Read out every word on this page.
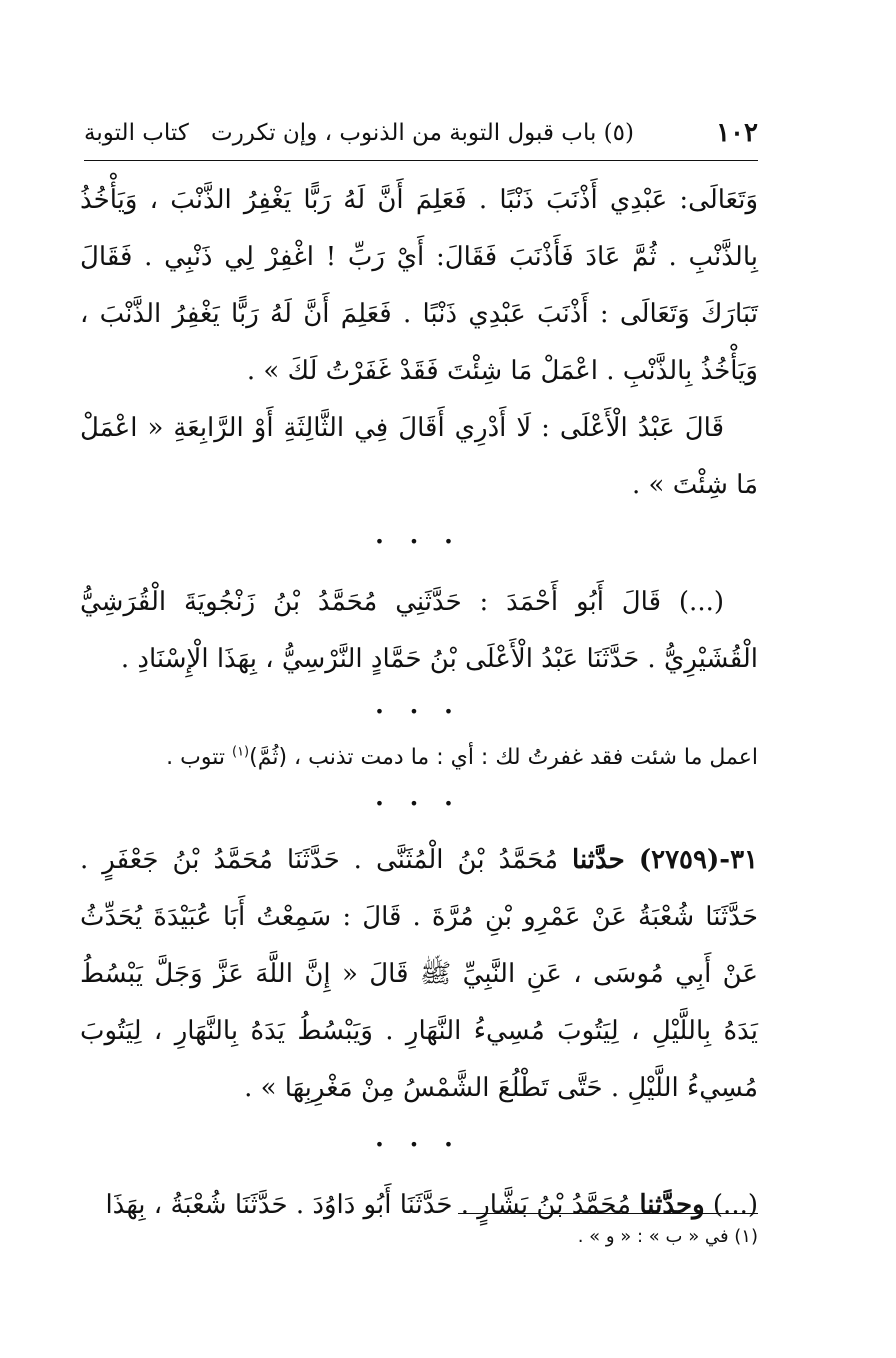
١٠٢
(٥) باب قبول التوبة من الذنوب ، وإن تكررت
كتاب التوبة

وَتَعَالَى: عَبْدِي أَذْنَبَ ذَنْبًا . فَعَلِمَ أَنَّ لَهُ رَبًّا يَغْفِرُ الذَّنْبَ ، وَيَأْخُذُ بِالذَّنْبِ . ثُمَّ عَادَ فَأَذْنَبَ فَقَالَ: أَيْ رَبِّ ! اغْفِرْ لِي ذَنْبِي . فَقَالَ تَبَارَكَ وَتَعَالَى : أَذْنَبَ عَبْدِي ذَنْبًا . فَعَلِمَ أَنَّ لَهُ رَبًّا يَغْفِرُ الذَّنْبَ ، وَيَأْخُذُ بِالذَّنْبِ . اعْمَلْ مَا شِئْتَ فَقَدْ غَفَرْتُ لَكَ » .

قَالَ عَبْدُ الْأَعْلَى : لَا أَدْرِي أَقَالَ فِي الثَّالِثَةِ أَوْ الرَّابِعَةِ « اعْمَلْ مَا شِئْتَ » .

• • •

(...) قَالَ أَبُو أَحْمَدَ : حَدَّثَنِي مُحَمَّدُ بْنُ زَنْجُويَةَ الْقُرَشِيُّ الْقُشَيْرِيُّ . حَدَّثَنَا عَبْدُ الْأَعْلَى بْنُ حَمَّادٍ النَّرْسِيُّ ، بِهَذَا الْإِسْنَادِ .

• • •

اعمل ما شئت فقد غفرتُ لك : أي : ما دمت تذنب ، (ثُمَّ)$^{(١)}$ تتوب .

• • •

٣١-(٢٧٥٩) حدَّثنا مُحَمَّدُ بْنُ الْمُثَنَّى . حَدَّثَنَا مُحَمَّدُ بْنُ جَعْفَرٍ . حَدَّثَنَا شُعْبَةُ عَنْ عَمْرِو بْنِ مُرَّةَ . قَالَ : سَمِعْتُ أَبَا عُبَيْدَةَ يُحَدِّثُ عَنْ أَبِي مُوسَى ، عَنِ النَّبِيِّ ﷺ قَالَ « إِنَّ اللَّهَ عَزَّ وَجَلَّ يَبْسُطُ يَدَهُ بِاللَّيْلِ ، لِيَتُوبَ مُسِيءُ النَّهَارِ . وَيَبْسُطُ يَدَهُ بِالنَّهَارِ ، لِيَتُوبَ مُسِيءُ اللَّيْلِ . حَتَّى تَطْلُعَ الشَّمْسُ مِنْ مَغْرِبِهَا » .

• • •

(...) وحدَّثنا مُحَمَّدُ بْنُ بَشَّارٍ . حَدَّثَنَا أَبُو دَاوُدَ . حَدَّثَنَا شُعْبَةُ ، بِهَذَا

(١) في « ب » : « و » .
